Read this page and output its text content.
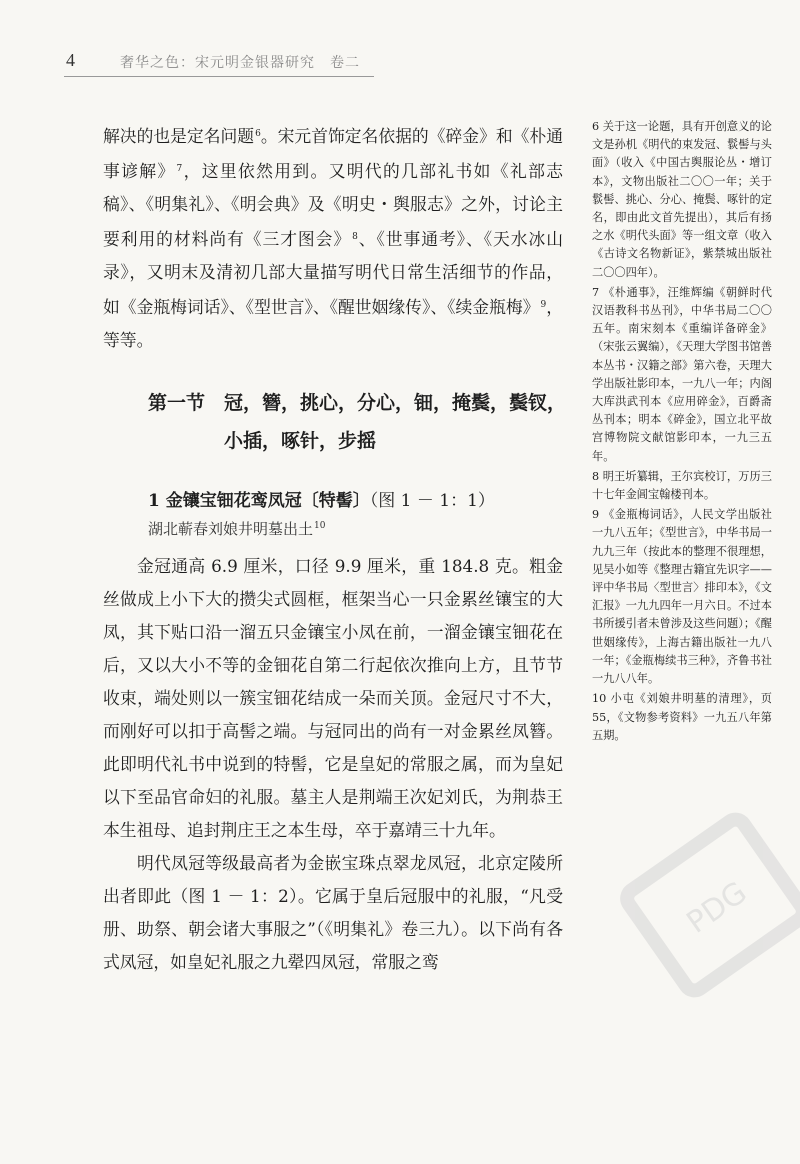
4	奢华之色：宋元明金银器研究　卷二

解决的也是定名问题$^6$。宋元首饰定名依据的《碎金》和《朴通事谚解》$^7$，这里依然用到。又明代的几部礼书如《礼部志稿》、《明集礼》、《明会典》及《明史・舆服志》之外，讨论主要利用的材料尚有《三才图会》$^8$、《世事通考》、《天水冰山录》，又明末及清初几部大量描写明代日常生活细节的作品，如《金瓶梅词话》、《型世言》、《醒世姻缘传》、《续金瓶梅》$^9$，等等。

第一节 冠，簪，挑心，分心，钿，掩鬓，鬓钗，
小插，啄针，步摇
1 金镶宝钿花鸾凤冠〔特髻〕（图 1 － 1：1）
湖北蕲春刘娘井明墓出土$^{10}$

金冠通高 6.9 厘米，口径 9.9 厘米，重 184.8 克。粗金丝做成上小下大的攒尖式圆框，框架当心一只金累丝镶宝的大凤，其下贴口沿一溜五只金镶宝小凤在前，一溜金镶宝钿花在后，又以大小不等的金钿花自第二行起依次推向上方，且节节收束，端处则以一簇宝钿花结成一朵而关顶。金冠尺寸不大，而刚好可以扣于高髻之端。与冠同出的尚有一对金累丝凤簪。此即明代礼书中说到的特髻，它是皇妃的常服之属，而为皇妃以下至品官命妇的礼服。墓主人是荆端王次妃刘氏，为荆恭王本生祖母、追封荆庄王之本生母，卒于嘉靖三十九年。

明代凤冠等级最高者为金嵌宝珠点翠龙凤冠，北京定陵所出者即此（图 1 － 1：2）。它属于皇后冠服中的礼服，“凡受册、助祭、朝会诸大事服之”（《明集礼》卷三九）。以下尚有各式凤冠，如皇妃礼服之九翚四凤冠，常服之鸾

6 关于这一论题，具有开创意义的论文是孙机《明代的束发冠、䯼髻与头面》（收入《中国古舆服论丛・增订本》，文物出版社二〇〇一年；关于䯼髻、挑心、分心、掩鬓、啄针的定名，即由此文首先提出），其后有扬之水《明代头面》等一组文章（收入《古诗文名物新证》，紫禁城出版社二〇〇四年）。

7 《朴通事》，汪维辉编《朝鲜时代汉语教科书丛刊》，中华书局二〇〇五年。南宋刻本《重编详备碎金》（宋张云翼编），《天理大学图书馆善本丛书・汉籍之部》第六卷，天理大学出版社影印本，一九八一年；内阁大库洪武刊本《应用碎金》，百爵斋丛刊本；明本《碎金》，国立北平故宫博物院文献馆影印本，一九三五年。

8 明王圻纂辑，王尔宾校订，万历三十七年金阊宝翰楼刊本。

9 《金瓶梅词话》，人民文学出版社一九八五年；《型世言》，中华书局一九九三年（按此本的整理不很理想，见吴小如等《整理古籍宜先识字——评中华书局〈型世言〉排印本》，《文汇报》一九九四年一月六日。不过本书所援引者未曾涉及这些问题）；《醒世姻缘传》，上海古籍出版社一九八一年；《金瓶梅续书三种》，齐鲁书社一九八八年。

10 小屯《刘娘井明墓的清理》，页55，《文物参考资料》一九五八年第五期。

PDG
